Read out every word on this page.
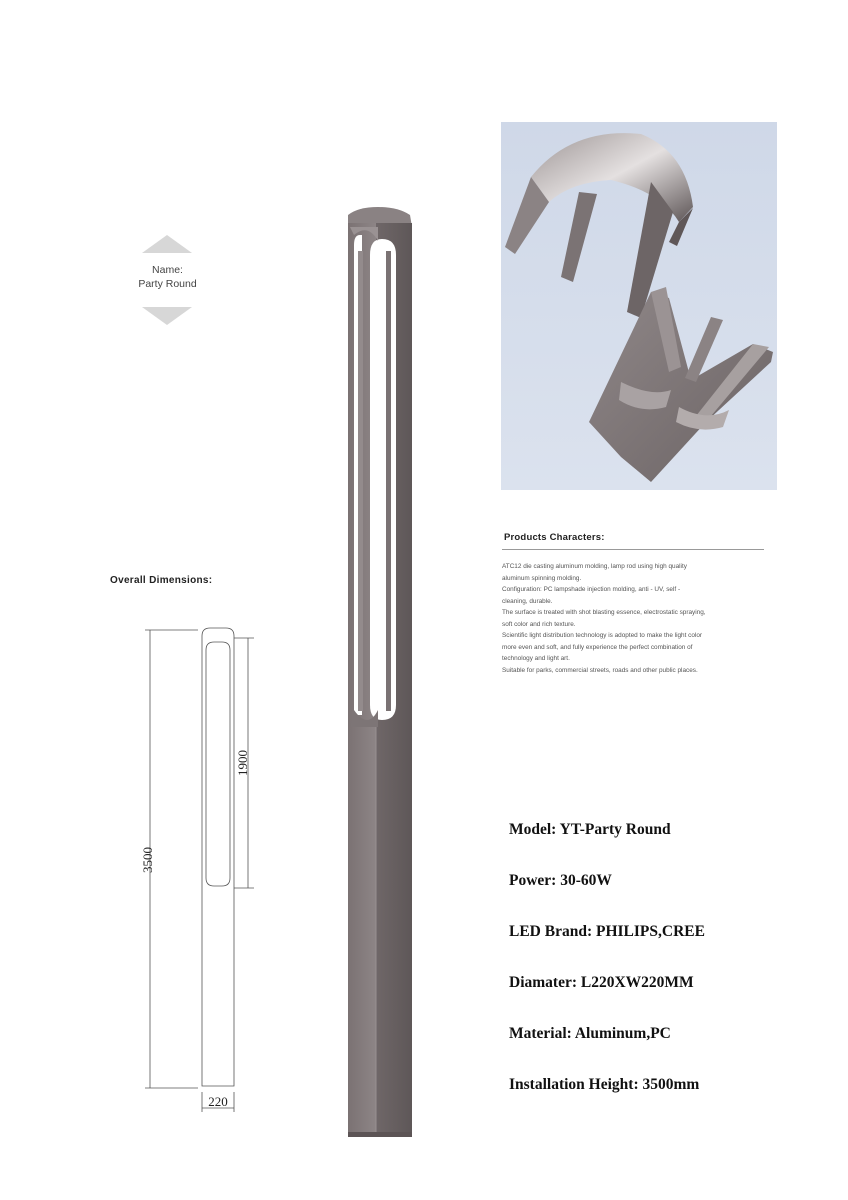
Name:
Party Round
Overall Dimensions:
3500
1900
220
Products Characters:
ATC12 die casting aluminum molding, lamp rod using high quality
aluminum spinning molding.
Configuration: PC lampshade injection molding, anti - UV, self -
cleaning, durable.
The surface is treated with shot blasting essence, electrostatic spraying,
soft color and rich texture.
Scientific light distribution technology is adopted to make the light color
more even and soft, and fully experience the perfect combination of
technology and light art.
Suitable for parks, commercial streets, roads and other public places.
Model: YT-Party Round
Power: 30-60W
LED Brand: PHILIPS,CREE
Diamater: L220XW220MM
Material: Aluminum,PC
Installation Height: 3500mm
